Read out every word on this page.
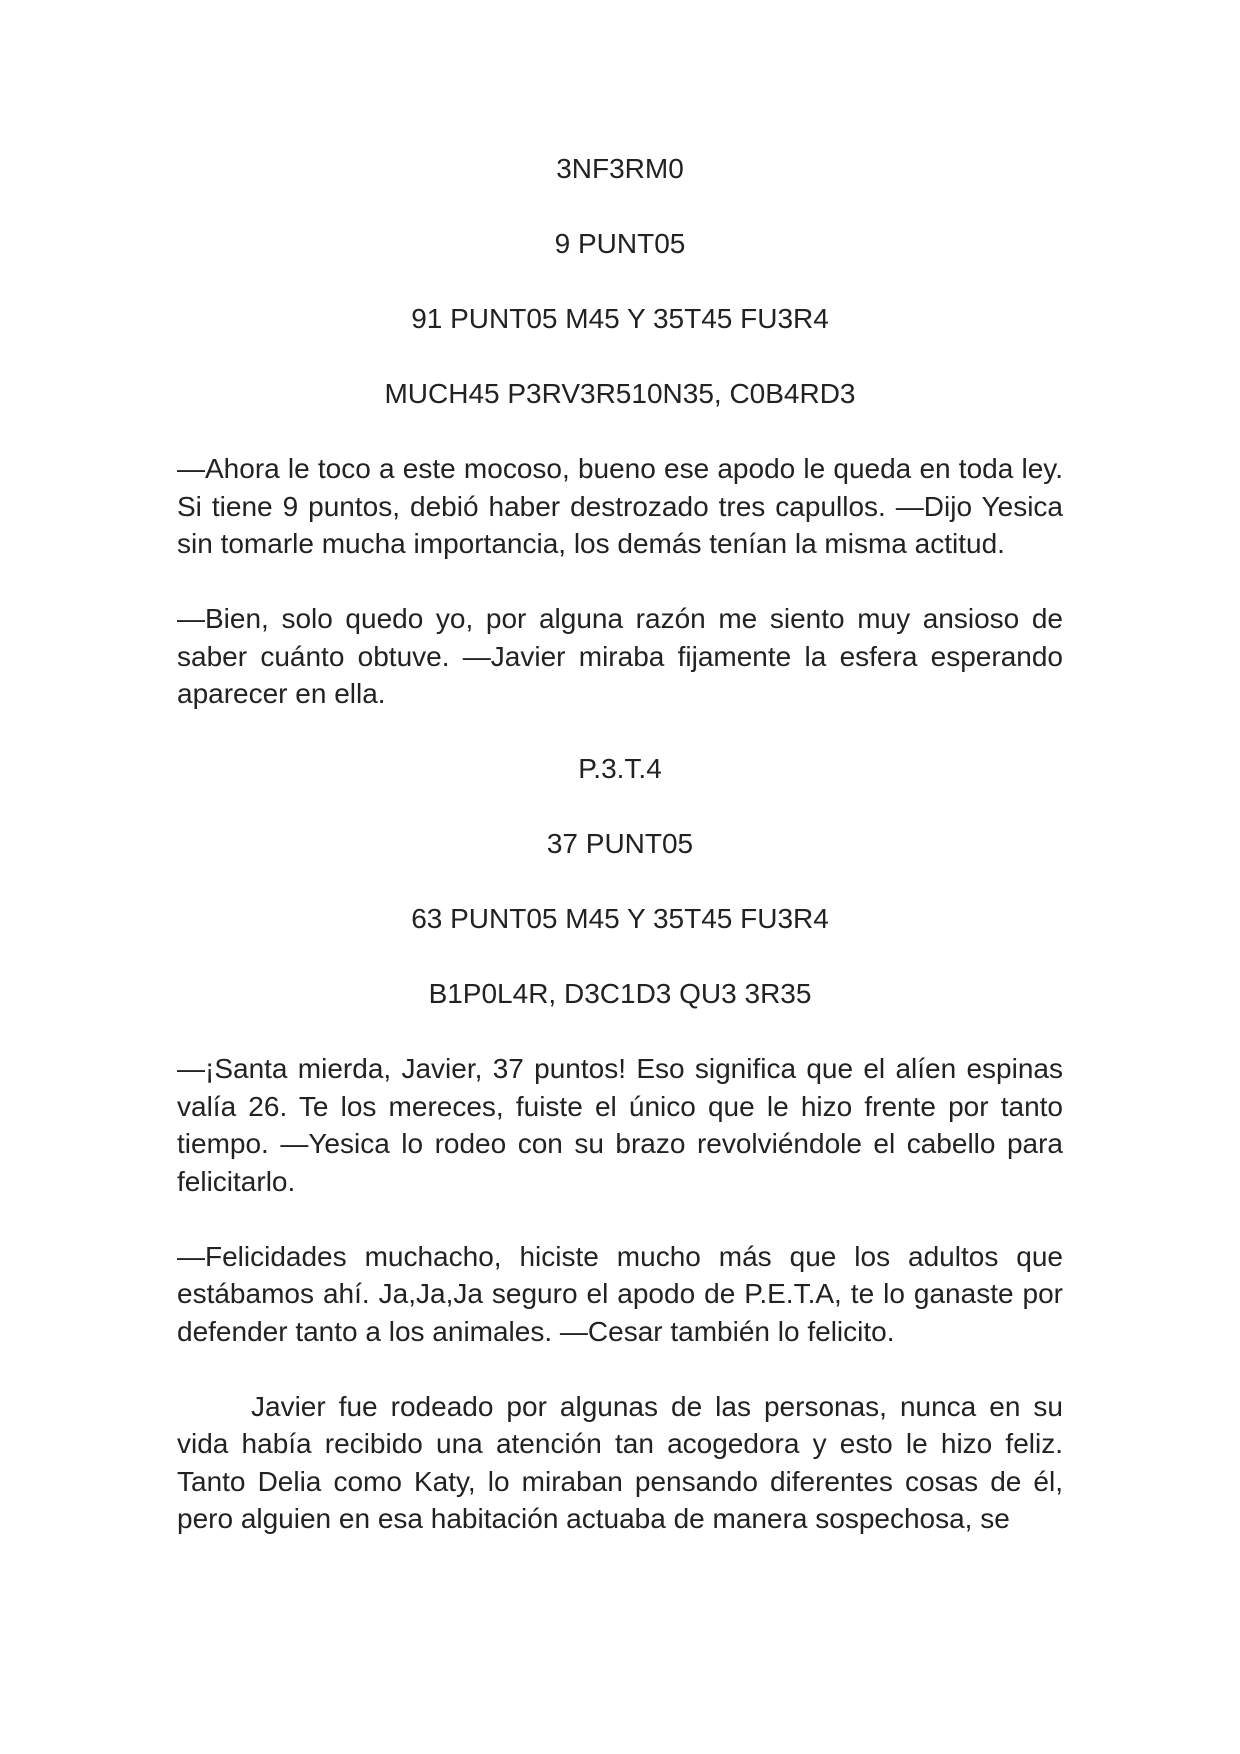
3NF3RM0

9 PUNT05

91 PUNT05 M45 Y 35T45 FU3R4

MUCH45 P3RV3R510N35, C0B4RD3

—Ahora le toco a este mocoso, bueno ese apodo le queda en toda ley. Si tiene 9 puntos, debió haber destrozado tres capullos. —Dijo Yesica sin tomarle mucha importancia, los demás tenían la misma actitud.

—Bien, solo quedo yo, por alguna razón me siento muy ansioso de saber cuánto obtuve. —Javier miraba fijamente la esfera esperando aparecer en ella.

P.3.T.4

37 PUNT05

63 PUNT05 M45 Y 35T45 FU3R4

B1P0L4R, D3C1D3 QU3 3R35

—¡Santa mierda, Javier, 37 puntos! Eso significa que el alíen espinas valía 26. Te los mereces, fuiste el único que le hizo frente por tanto tiempo. —Yesica lo rodeo con su brazo revolviéndole el cabello para felicitarlo.

—Felicidades muchacho, hiciste mucho más que los adultos que estábamos ahí. Ja,Ja,Ja seguro el apodo de P.E.T.A, te lo ganaste por defender tanto a los animales. —Cesar también lo felicito.

Javier fue rodeado por algunas de las personas, nunca en su vida había recibido una atención tan acogedora y esto le hizo feliz. Tanto Delia como Katy, lo miraban pensando diferentes cosas de él, pero alguien en esa habitación actuaba de manera sospechosa, se
